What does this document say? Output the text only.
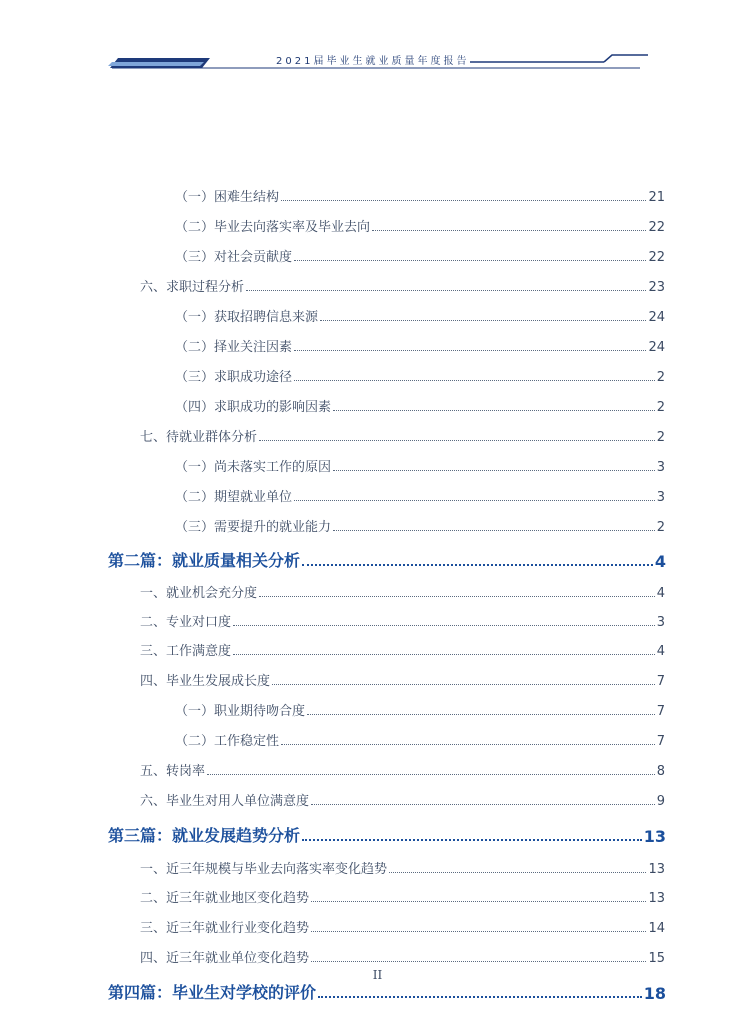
2021届毕业生就业质量年度报告
（一）困难生结构	21
（二）毕业去向落实率及毕业去向	22
（三）对社会贡献度	22
六、求职过程分析	23
（一）获取招聘信息来源	24
（二）择业关注因素	24
（三）求职成功途径	2
（四）求职成功的影响因素	2
七、待就业群体分析	2
（一）尚未落实工作的原因	3
（二）期望就业单位	3
（三）需要提升的就业能力	2
第二篇：就业质量相关分析	4
一、就业机会充分度	4
二、专业对口度	3
三、工作满意度	4
四、毕业生发展成长度	7
（一）职业期待吻合度	7
（二）工作稳定性	7
五、转岗率	8
六、毕业生对用人单位满意度	9
第三篇：就业发展趋势分析	13
一、近三年规模与毕业去向落实率变化趋势	13
二、近三年就业地区变化趋势	13
三、近三年就业行业变化趋势	14
四、近三年就业单位变化趋势	15
第四篇：毕业生对学校的评价	18
II
